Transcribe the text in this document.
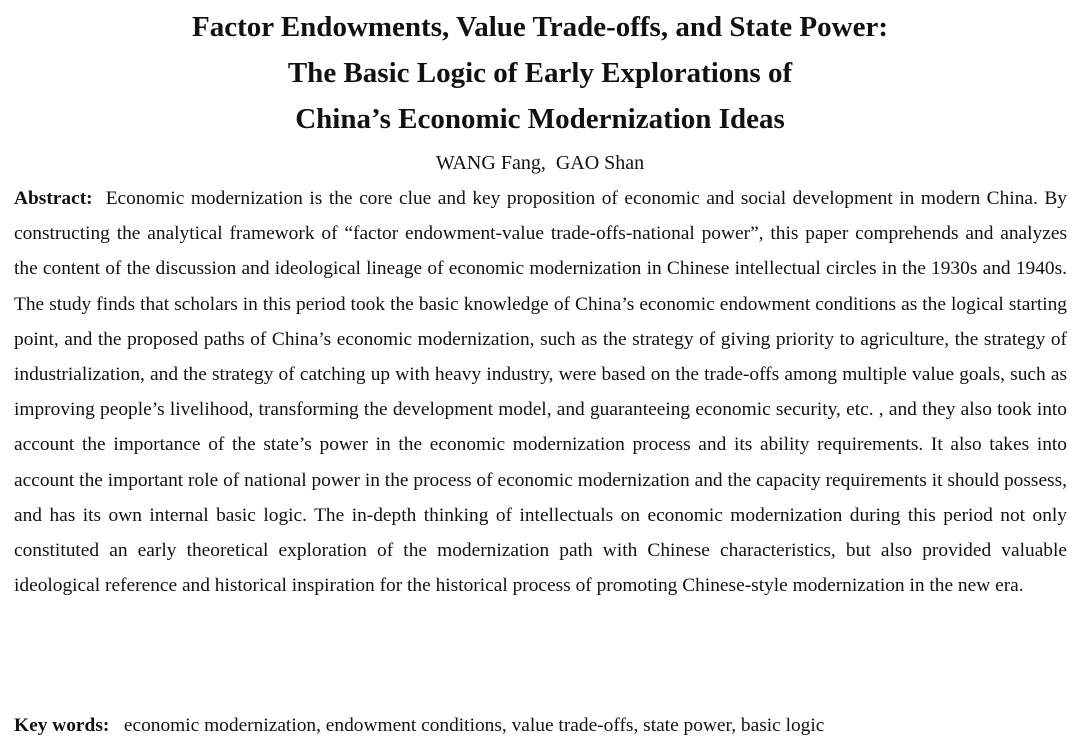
Factor Endowments, Value Trade-offs, and State Power:
The Basic Logic of Early Explorations of
China’s Economic Modernization Ideas
WANG Fang,  GAO Shan

Abstract: Economic modernization is the core clue and key proposition of economic and social development in modern China. By constructing the analytical framework of “factor endowment-value trade-offs-national power”, this paper comprehends and analyzes the content of the discussion and ideological lineage of economic modernization in Chinese intellectual circles in the 1930s and 1940s. The study finds that scholars in this period took the basic knowledge of China’s economic endowment conditions as the logical starting point, and the proposed paths of China’s economic modernization, such as the strategy of giving priority to agriculture, the strategy of industrialization, and the strategy of catching up with heavy industry, were based on the trade-offs among multiple value goals, such as improving people’s livelihood, transforming the development model, and guaranteeing economic security, etc. , and they also took into account the importance of the state’s power in the economic modernization process and its ability requirements. It also takes into account the important role of national power in the process of economic modernization and the capacity requirements it should possess, and has its own internal basic logic. The in-depth thinking of intellectuals on economic modernization during this period not only constituted an early theoretical exploration of the modernization path with Chinese characteristics, but also provided valuable ideological reference and historical inspiration for the historical process of promoting Chinese-style modernization in the new era.

Key words: economic modernization, endowment conditions, value trade-offs, state power, basic logic
